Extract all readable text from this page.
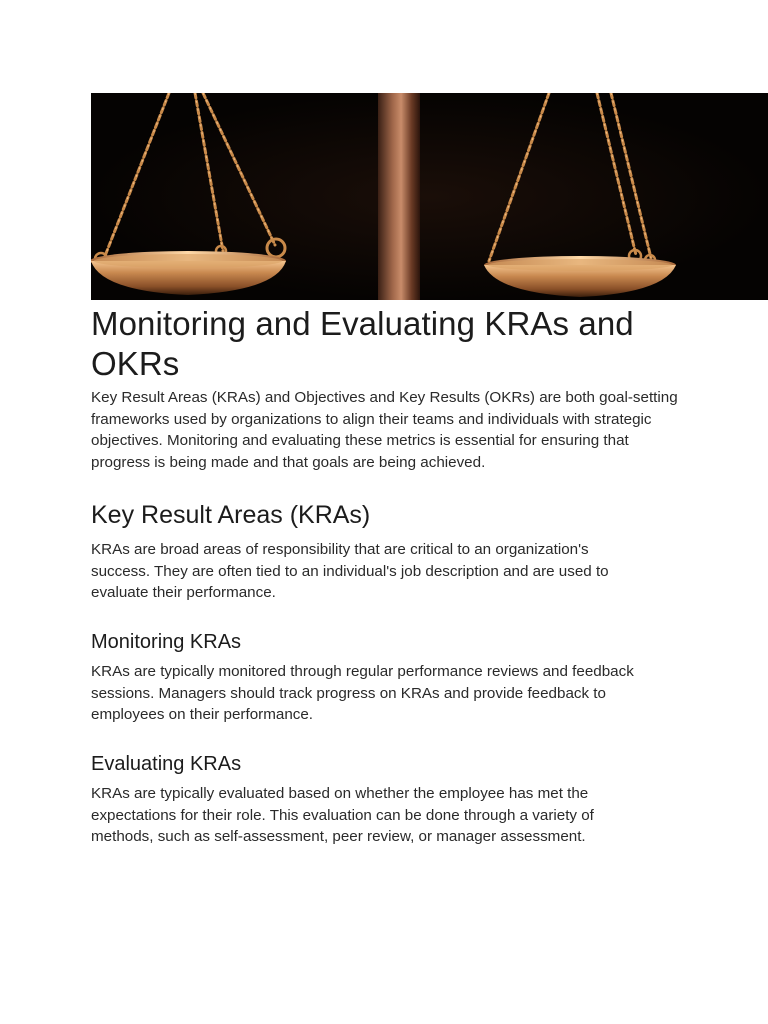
Monitoring and Evaluating KRAs and OKRs

Key Result Areas (KRAs) and Objectives and Key Results (OKRs) are both goal-setting frameworks used by organizations to align their teams and individuals with strategic objectives. Monitoring and evaluating these metrics is essential for ensuring that progress is being made and that goals are being achieved.

Key Result Areas (KRAs)

KRAs are broad areas of responsibility that are critical to an organization's success. They are often tied to an individual's job description and are used to evaluate their performance.

Monitoring KRAs

KRAs are typically monitored through regular performance reviews and feedback sessions. Managers should track progress on KRAs and provide feedback to employees on their performance.

Evaluating KRAs

KRAs are typically evaluated based on whether the employee has met the expectations for their role. This evaluation can be done through a variety of methods, such as self-assessment, peer review, or manager assessment.
